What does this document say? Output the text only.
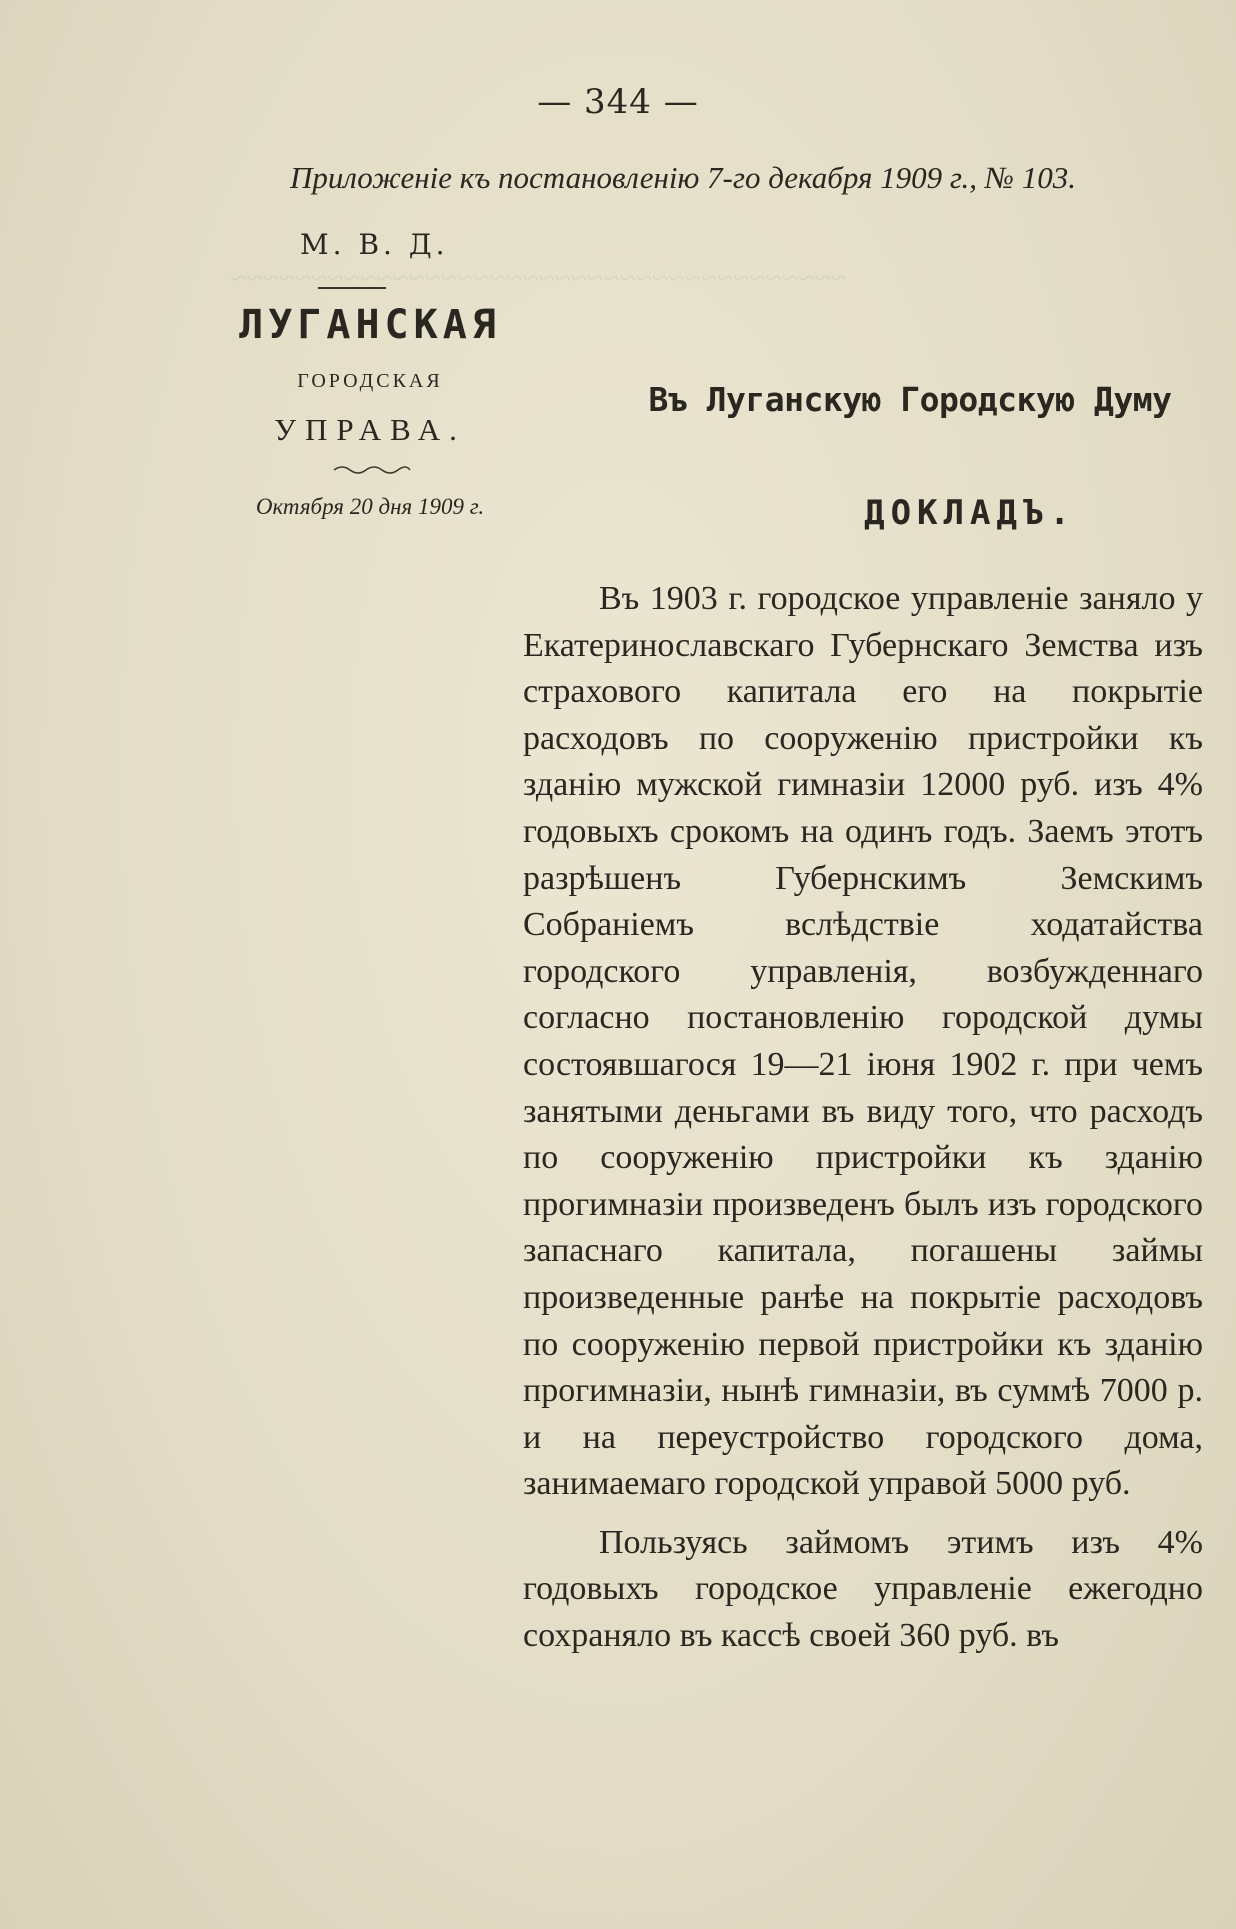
~~~~~~~~~~~~~~~~~~~~~~~~~~~~~~~~~~~~~~
— 344 —
Приложеніе къ постановленію 7-го декабря 1909 г., № 103.
М. В. Д.
ЛУГАНСКАЯ
ГОРОДСКАЯ
УПРАВА.
Октября 20 дня 1909 г.
Въ Луганскую Городскую Думу
ДОКЛАДЪ.

Въ 1903 г. городское управленіе заняло у Екатеринославскаго Губернскаго Земства изъ страхового капитала его на покрытіе расходовъ по сооруженію пристройки къ зданію мужской гимназіи 12000 руб. изъ 4% годовыхъ срокомъ на одинъ годъ. Заемъ этотъ разрѣшенъ Губернскимъ Земскимъ Собраніемъ вслѣдствіе ходатайства городского управленія, возбужденнаго согласно постановленію городской думы состоявшагося 19—21 іюня 1902 г. при чемъ занятыми деньгами въ виду того, что расходъ по сооруженію пристройки къ зданію прогимназіи произведенъ былъ изъ городского запаснаго капитала, погашены займы произведенные ранѣе на покрытіе расходовъ по сооруженію первой пристройки къ зданію прогимназіи, нынѣ гимназіи, въ суммѣ 7000 р. и на переустройство городского дома, занимаемаго городской управой 5000 руб.

Пользуясь займомъ этимъ изъ 4% годовыхъ городское управленіе ежегодно сохраняло въ кассѣ своей 360 руб. въ
